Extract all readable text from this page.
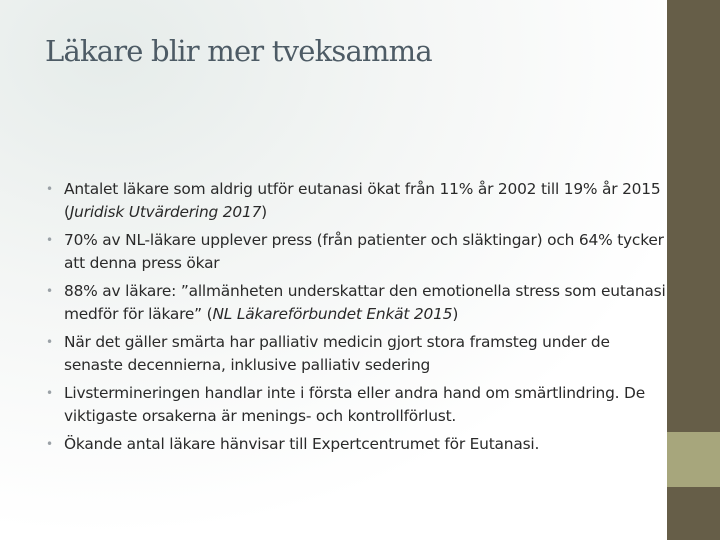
Läkare blir mer tveksamma
• Antalet läkare som aldrig utför eutanasi ökat från 11% år 2002 till 19% år 2015 (Juridisk Utvärdering 2017)
• 70% av NL-läkare upplever press (från patienter och släktingar) och 64% tycker att denna press ökar
• 88% av läkare: ”allmänheten underskattar den emotionella stress som eutanasi medför för läkare” (NL Läkareförbundet Enkät 2015)
• När det gäller smärta har palliativ medicin gjort stora framsteg under de senaste decennierna, inklusive palliativ sedering
• Livstermineringen handlar inte i första eller andra hand om smärtlindring. De viktigaste orsakerna är menings- och kontrollförlust.
• Ökande antal läkare hänvisar till Expertcentrumet för Eutanasi.
